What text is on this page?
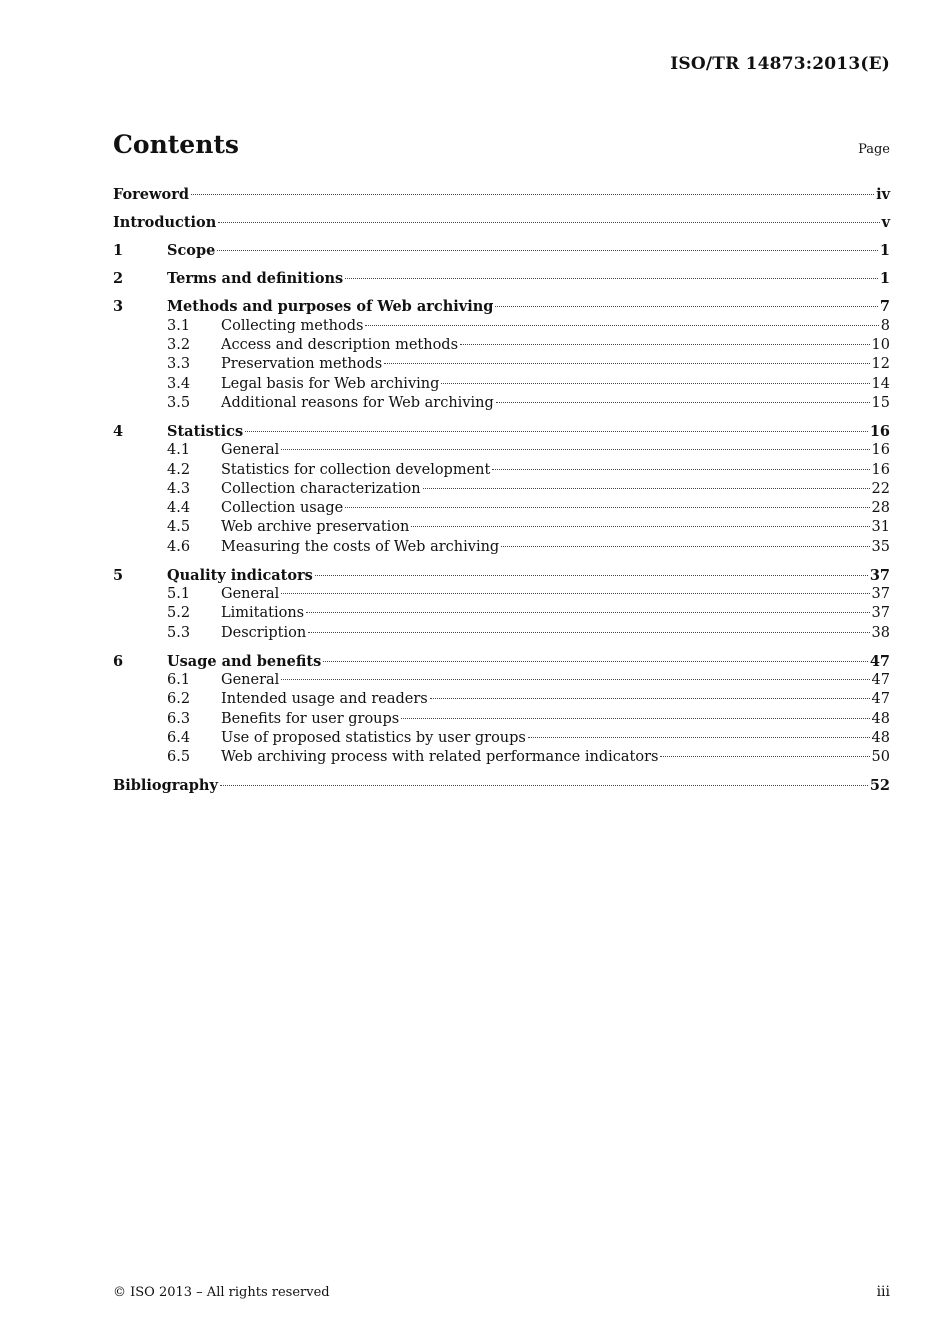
ISO/TR 14873:2013(E)
Contents	Page
Foreword	iv
Introduction	v
1	Scope	1
2	Terms and definitions	1
3	Methods and purposes of Web archiving	7
3.1	Collecting methods	8
3.2	Access and description methods	10
3.3	Preservation methods	12
3.4	Legal basis for Web archiving	14
3.5	Additional reasons for Web archiving	15
4	Statistics	16
4.1	General	16
4.2	Statistics for collection development	16
4.3	Collection characterization	22
4.4	Collection usage	28
4.5	Web archive preservation	31
4.6	Measuring the costs of Web archiving	35
5	Quality indicators	37
5.1	General	37
5.2	Limitations	37
5.3	Description	38
6	Usage and benefits	47
6.1	General	47
6.2	Intended usage and readers	47
6.3	Benefits for user groups	48
6.4	Use of proposed statistics by user groups	48
6.5	Web archiving process with related performance indicators	50
Bibliography	52
© ISO 2013 – All rights reserved	iii
